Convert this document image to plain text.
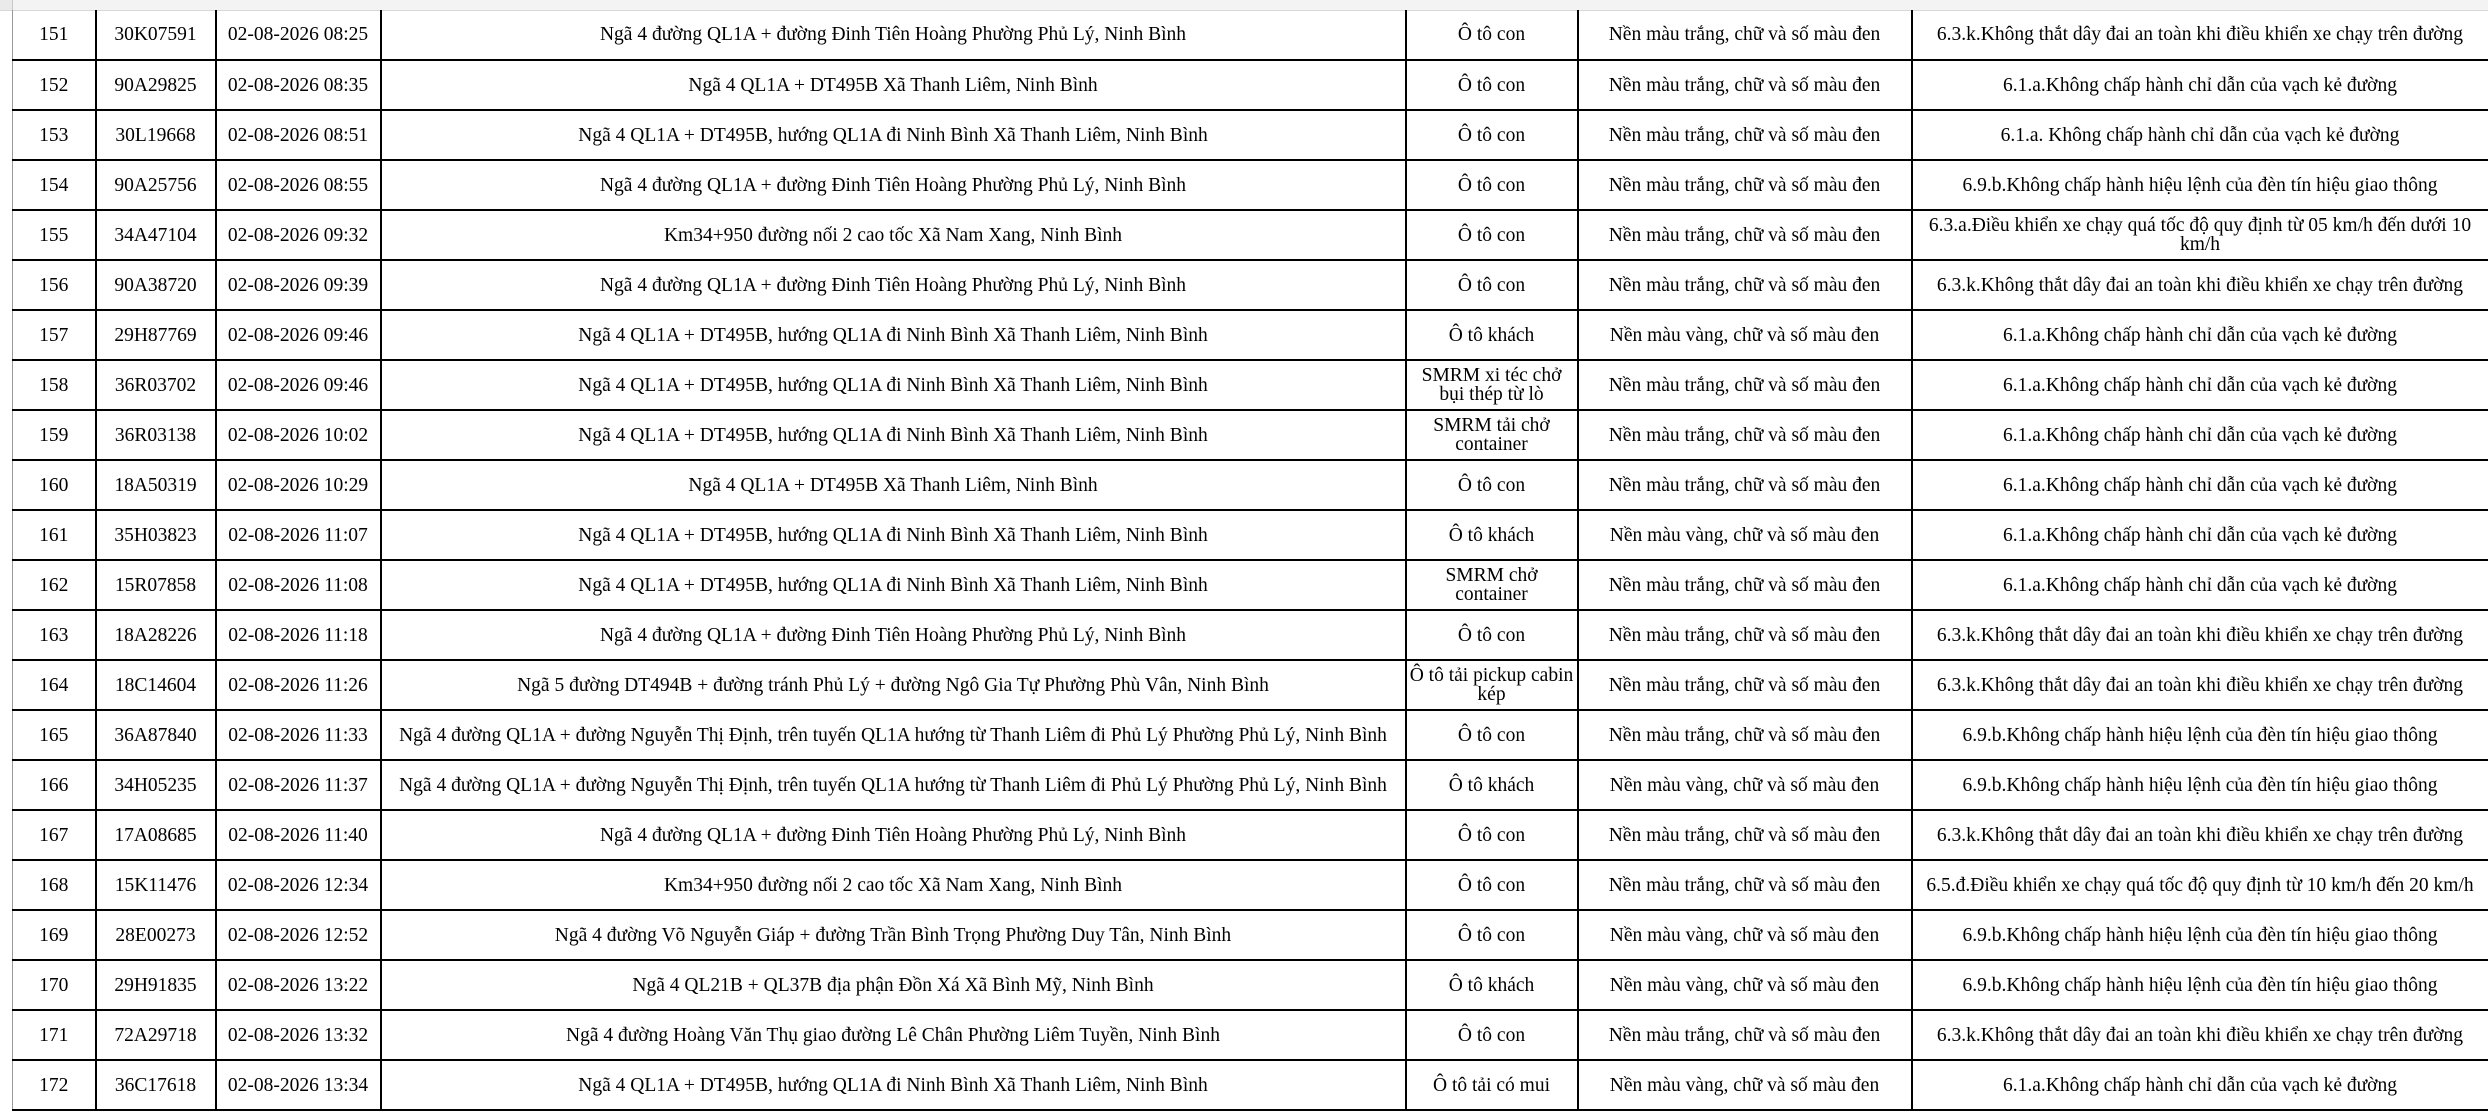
151	30K07591	02-08-2026 08:25	Ngã 4 đường QL1A + đường Đinh Tiên Hoàng Phường Phủ Lý, Ninh Bình	Ô tô con	Nền màu trắng, chữ và số màu đen	6.3.k.Không thắt dây đai an toàn khi điều khiển xe chạy trên đường
152	90A29825	02-08-2026 08:35	Ngã 4 QL1A + DT495B Xã Thanh Liêm, Ninh Bình	Ô tô con	Nền màu trắng, chữ và số màu đen	6.1.a.Không chấp hành chỉ dẫn của vạch kẻ đường
153	30L19668	02-08-2026 08:51	Ngã 4 QL1A + DT495B, hướng QL1A đi Ninh Bình Xã Thanh Liêm, Ninh Bình	Ô tô con	Nền màu trắng, chữ và số màu đen	6.1.a. Không chấp hành chỉ dẫn của vạch kẻ đường
154	90A25756	02-08-2026 08:55	Ngã 4 đường QL1A + đường Đinh Tiên Hoàng Phường Phủ Lý, Ninh Bình	Ô tô con	Nền màu trắng, chữ và số màu đen	6.9.b.Không chấp hành hiệu lệnh của đèn tín hiệu giao thông
155	34A47104	02-08-2026 09:32	Km34+950 đường nối 2 cao tốc Xã Nam Xang, Ninh Bình	Ô tô con	Nền màu trắng, chữ và số màu đen	6.3.a.Điều khiển xe chạy quá tốc độ quy định từ 05 km/h đến dưới 10 km/h
156	90A38720	02-08-2026 09:39	Ngã 4 đường QL1A + đường Đinh Tiên Hoàng Phường Phủ Lý, Ninh Bình	Ô tô con	Nền màu trắng, chữ và số màu đen	6.3.k.Không thắt dây đai an toàn khi điều khiển xe chạy trên đường
157	29H87769	02-08-2026 09:46	Ngã 4 QL1A + DT495B, hướng QL1A đi Ninh Bình Xã Thanh Liêm, Ninh Bình	Ô tô khách	Nền màu vàng, chữ và số màu đen	6.1.a.Không chấp hành chỉ dẫn của vạch kẻ đường
158	36R03702	02-08-2026 09:46	Ngã 4 QL1A + DT495B, hướng QL1A đi Ninh Bình Xã Thanh Liêm, Ninh Bình	SMRM xi téc chở bụi thép từ lò	Nền màu trắng, chữ và số màu đen	6.1.a.Không chấp hành chỉ dẫn của vạch kẻ đường
159	36R03138	02-08-2026 10:02	Ngã 4 QL1A + DT495B, hướng QL1A đi Ninh Bình Xã Thanh Liêm, Ninh Bình	SMRM tải chở container	Nền màu trắng, chữ và số màu đen	6.1.a.Không chấp hành chỉ dẫn của vạch kẻ đường
160	18A50319	02-08-2026 10:29	Ngã 4 QL1A + DT495B Xã Thanh Liêm, Ninh Bình	Ô tô con	Nền màu trắng, chữ và số màu đen	6.1.a.Không chấp hành chỉ dẫn của vạch kẻ đường
161	35H03823	02-08-2026 11:07	Ngã 4 QL1A + DT495B, hướng QL1A đi Ninh Bình Xã Thanh Liêm, Ninh Bình	Ô tô khách	Nền màu vàng, chữ và số màu đen	6.1.a.Không chấp hành chỉ dẫn của vạch kẻ đường
162	15R07858	02-08-2026 11:08	Ngã 4 QL1A + DT495B, hướng QL1A đi Ninh Bình Xã Thanh Liêm, Ninh Bình	SMRM chở container	Nền màu trắng, chữ và số màu đen	6.1.a.Không chấp hành chỉ dẫn của vạch kẻ đường
163	18A28226	02-08-2026 11:18	Ngã 4 đường QL1A + đường Đinh Tiên Hoàng Phường Phủ Lý, Ninh Bình	Ô tô con	Nền màu trắng, chữ và số màu đen	6.3.k.Không thắt dây đai an toàn khi điều khiển xe chạy trên đường
164	18C14604	02-08-2026 11:26	Ngã 5 đường DT494B + đường tránh Phủ Lý + đường Ngô Gia Tự Phường Phù Vân, Ninh Bình	Ô tô tải pickup cabin kép	Nền màu trắng, chữ và số màu đen	6.3.k.Không thắt dây đai an toàn khi điều khiển xe chạy trên đường
165	36A87840	02-08-2026 11:33	Ngã 4 đường QL1A + đường Nguyễn Thị Định, trên tuyến QL1A hướng từ Thanh Liêm đi Phủ Lý Phường Phủ Lý, Ninh Bình	Ô tô con	Nền màu trắng, chữ và số màu đen	6.9.b.Không chấp hành hiệu lệnh của đèn tín hiệu giao thông
166	34H05235	02-08-2026 11:37	Ngã 4 đường QL1A + đường Nguyễn Thị Định, trên tuyến QL1A hướng từ Thanh Liêm đi Phủ Lý Phường Phủ Lý, Ninh Bình	Ô tô khách	Nền màu vàng, chữ và số màu đen	6.9.b.Không chấp hành hiệu lệnh của đèn tín hiệu giao thông
167	17A08685	02-08-2026 11:40	Ngã 4 đường QL1A + đường Đinh Tiên Hoàng Phường Phủ Lý, Ninh Bình	Ô tô con	Nền màu trắng, chữ và số màu đen	6.3.k.Không thắt dây đai an toàn khi điều khiển xe chạy trên đường
168	15K11476	02-08-2026 12:34	Km34+950 đường nối 2 cao tốc Xã Nam Xang, Ninh Bình	Ô tô con	Nền màu trắng, chữ và số màu đen	6.5.đ.Điều khiển xe chạy quá tốc độ quy định từ 10 km/h đến 20 km/h
169	28E00273	02-08-2026 12:52	Ngã 4 đường Võ Nguyễn Giáp + đường Trần Bình Trọng Phường Duy Tân, Ninh Bình	Ô tô con	Nền màu vàng, chữ và số màu đen	6.9.b.Không chấp hành hiệu lệnh của đèn tín hiệu giao thông
170	29H91835	02-08-2026 13:22	Ngã 4 QL21B + QL37B địa phận Đồn Xá Xã Bình Mỹ, Ninh Bình	Ô tô khách	Nền màu vàng, chữ và số màu đen	6.9.b.Không chấp hành hiệu lệnh của đèn tín hiệu giao thông
171	72A29718	02-08-2026 13:32	Ngã 4 đường Hoàng Văn Thụ giao đường Lê Chân Phường Liêm Tuyền, Ninh Bình	Ô tô con	Nền màu trắng, chữ và số màu đen	6.3.k.Không thắt dây đai an toàn khi điều khiển xe chạy trên đường
172	36C17618	02-08-2026 13:34	Ngã 4 QL1A + DT495B, hướng QL1A đi Ninh Bình Xã Thanh Liêm, Ninh Bình	Ô tô tải có mui	Nền màu vàng, chữ và số màu đen	6.1.a.Không chấp hành chỉ dẫn của vạch kẻ đường
